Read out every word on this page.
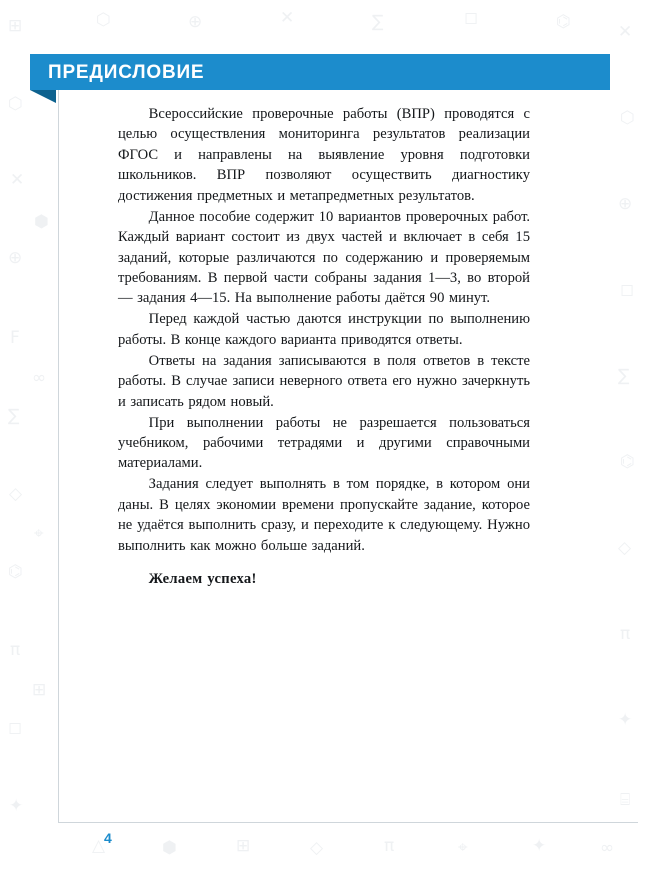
⊞
⬡
✕
⊕
F
∑
◇
⌬
π
◻
✦
⬢
∞
⌖
⊞
✕
⬡
⊕
◻
∑
⌬
◇
π
✦
⌸
⬡	⊕	✕	∑	◻	⌬
△	⬢	⊞	◇	π	⌖	✦	∞
ПРЕДИСЛОВИЕ

Всероссийские проверочные работы (ВПР) проводятся с целью осуществления мониторинга результатов реализации ФГОС и направлены на выявление уровня подготовки школьников. ВПР позволяют осуществить диагностику достижения предметных и метапредметных результатов.

Данное пособие содержит 10 вариантов проверочных работ. Каждый вариант состоит из двух частей и включает в себя 15 заданий, которые различаются по содержанию и проверяемым требованиям. В первой части собраны задания 1—3, во второй — задания 4—15. На выполнение работы даётся 90 минут.

Перед каждой частью даются инструкции по выполнению работы. В конце каждого варианта приводятся ответы.

Ответы на задания записываются в поля ответов в тексте работы. В случае записи неверного ответа его нужно зачеркнуть и записать рядом новый.

При выполнении работы не разрешается пользоваться учебником, рабочими тетрадями и другими справочными материалами.

Задания следует выполнять в том порядке, в котором они даны. В целях экономии времени пропускайте задание, которое не удаётся выполнить сразу, и переходите к следующему. Нужно выполнить как можно больше заданий.

Желаем успеха!

4
